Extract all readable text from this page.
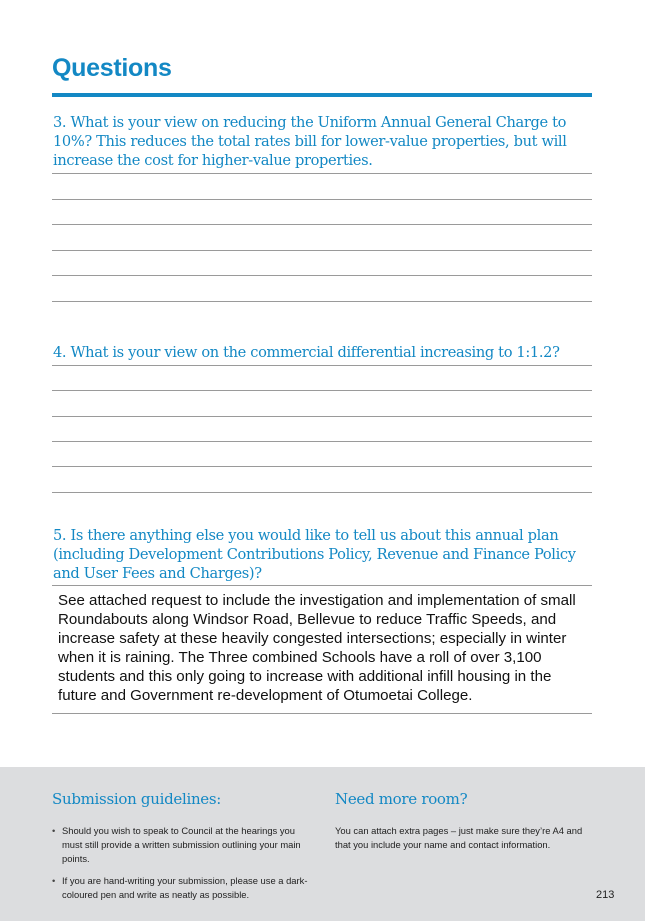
Questions

3. What is your view on reducing the Uniform Annual General Charge to 10%? This reduces the total rates bill for lower-value properties, but will increase the cost for higher-value properties.

4. What is your view on the commercial differential increasing to 1:1.2?

5. Is there anything else you would like to tell us about this annual plan (including Development Contributions Policy, Revenue and Finance Policy and User Fees and Charges)?

See attached request to include the investigation and implementation of small Roundabouts along Windsor Road, Bellevue to reduce Traffic Speeds, and increase safety at these heavily congested intersections; especially in winter when it is raining. The Three combined Schools have a roll of over 3,100 students and this only going to increase with additional infill housing in the future and Government re-development of Otumoetai College.

Submission guidelines:
• Should you wish to speak to Council at the hearings you must still provide a written submission outlining your main points.
• If you are hand-writing your submission, please use a dark-coloured pen and write as neatly as possible.
Need more room?

You can attach extra pages – just make sure they’re A4 and that you include your name and contact information.

213
